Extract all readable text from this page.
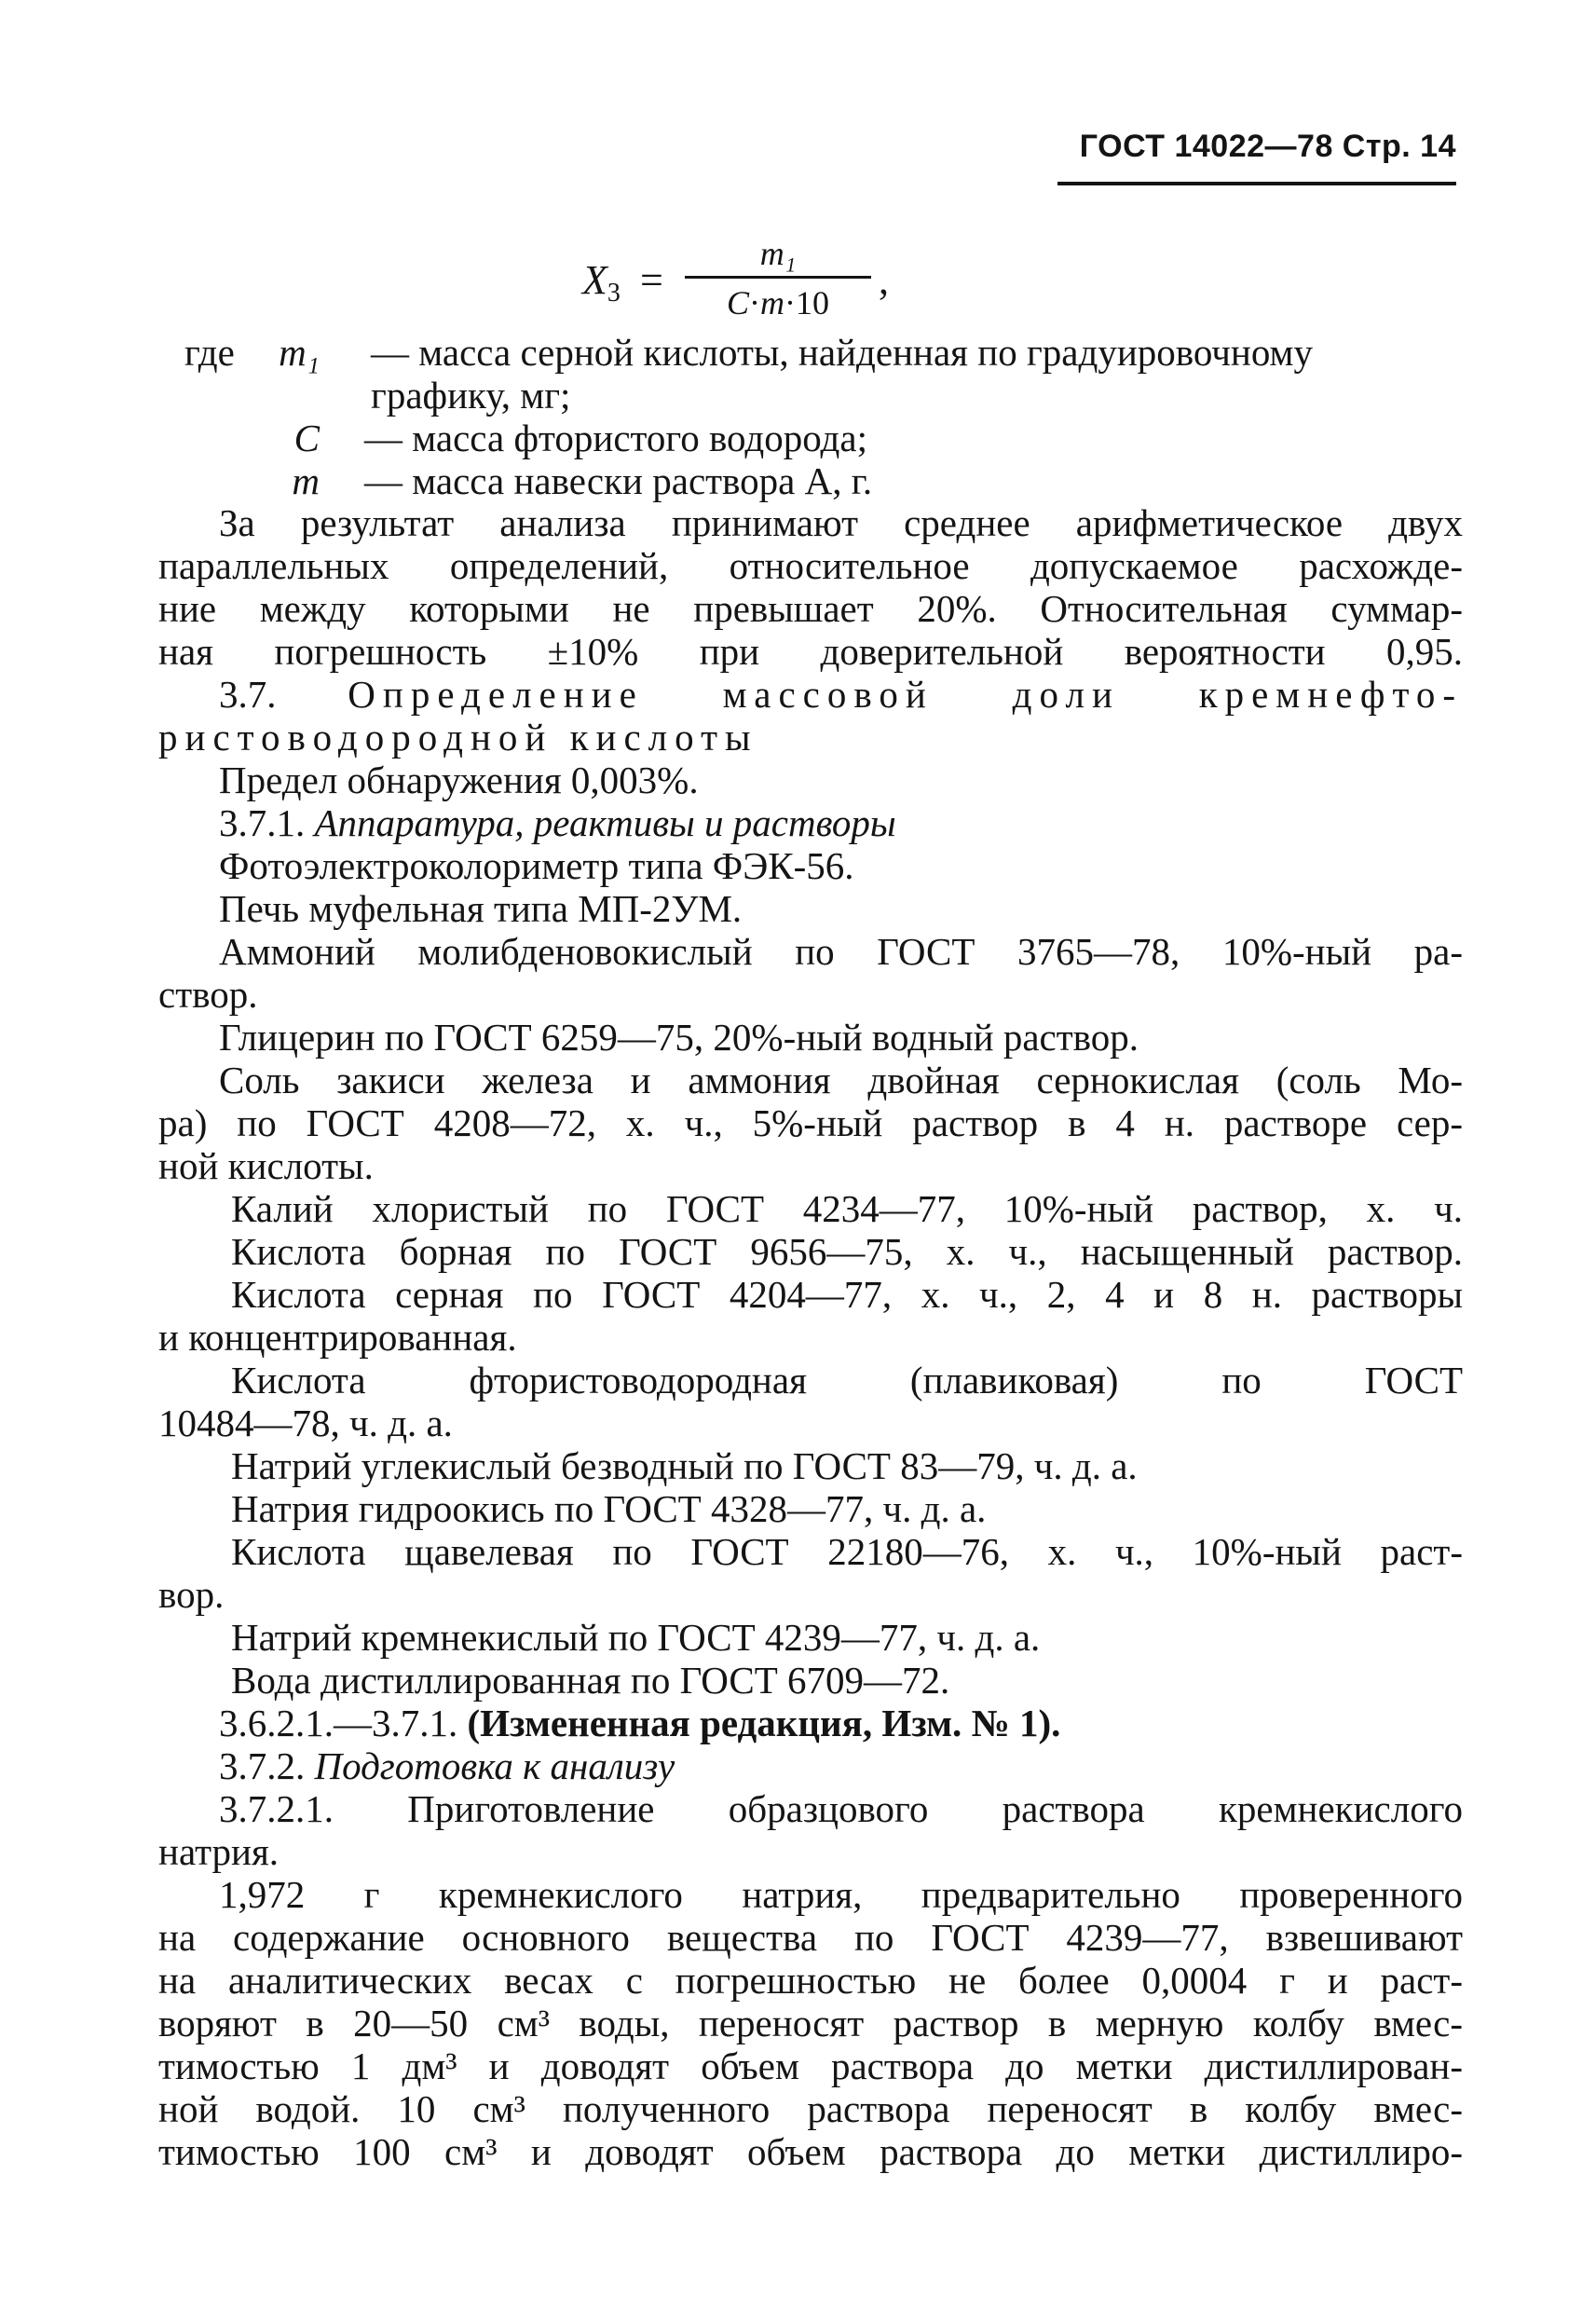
ГОСТ 14022—78 Стр. 14
$X_3$ =
m₁
C·m·10	,
где	m₁ — масса серной кислоты, найденная по градуировочному
графику, мг;
C — масса фтористого водорода;
m — масса навески раствора А, г.
За результат анализа принимают среднее арифметическое двух
параллельных определений, относительное допускаемое расхожде-
ние между которыми не превышает 20%. Относительная суммар-
ная погрешность ±10% при доверительной вероятности 0,95.
3.7. Определение массовой доли кремнефто-
ристоводородной кислоты
Предел обнаружения 0,003%.
3.7.1. Аппаратура, реактивы и растворы
Фотоэлектроколориметр типа ФЭК-56.
Печь муфельная типа МП-2УМ.
Аммоний молибденовокислый по ГОСТ 3765—78, 10%-ный ра-
створ.
Глицерин по ГОСТ 6259—75, 20%-ный водный раствор.
Соль закиси железа и аммония двойная сернокислая (соль Мо-
ра) по ГОСТ 4208—72, х. ч., 5%-ный раствор в 4 н. растворе сер-
ной кислоты.
Калий хлористый по ГОСТ 4234—77, 10%-ный раствор, х. ч.
Кислота борная по ГОСТ 9656—75, х. ч., насыщенный раствор.
Кислота серная по ГОСТ 4204—77, х. ч., 2, 4 и 8 н. растворы
и концентрированная.
Кислота фтористоводородная (плавиковая) по ГОСТ
10484—78, ч. д. а.
Натрий углекислый безводный по ГОСТ 83—79, ч. д. а.
Натрия гидроокись по ГОСТ 4328—77, ч. д. а.
Кислота щавелевая по ГОСТ 22180—76, х. ч., 10%-ный раст-
вор.
Натрий кремнекислый по ГОСТ 4239—77, ч. д. а.
Вода дистиллированная по ГОСТ 6709—72.
3.6.2.1.—3.7.1. (Измененная редакция, Изм. № 1).
3.7.2. Подготовка к анализу
3.7.2.1. Приготовление образцового раствора кремнекислого
натрия.
1,972 г кремнекислого натрия, предварительно проверенного
на содержание основного вещества по ГОСТ 4239—77, взвешивают
на аналитических весах с погрешностью не более 0,0004 г и раст-
воряют в 20—50 см³ воды, переносят раствор в мерную колбу вмес-
тимостью 1 дм³ и доводят объем раствора до метки дистиллирован-
ной водой. 10 см³ полученного раствора переносят в колбу вмес-
тимостью 100 см³ и доводят объем раствора до метки дистиллиро-
